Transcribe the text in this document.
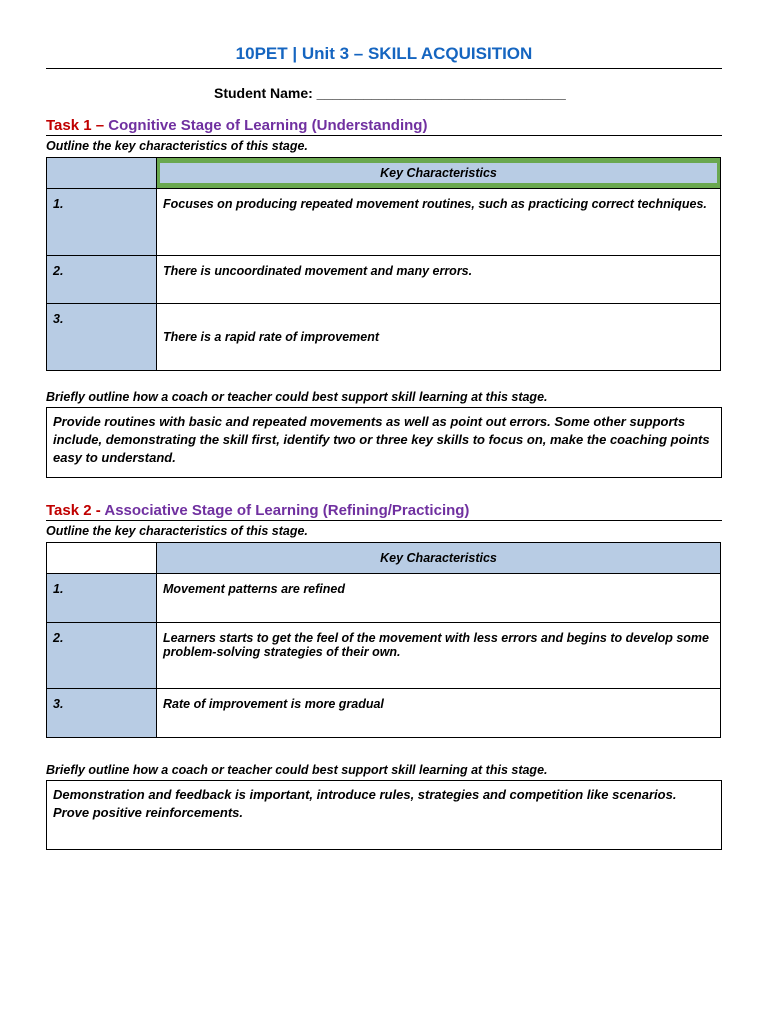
10PET | Unit 3 – SKILL ACQUISITION
Student Name: ________________________________
Task 1 – Cognitive Stage of Learning (Understanding)
Outline the key characteristics of this stage.

	Key Characteristics

1.	Focuses on producing repeated movement routines, such as practicing correct techniques.
2.	There is uncoordinated movement and many errors.
3.	There is a rapid rate of improvement
Briefly outline how a coach or teacher could best support skill learning at this stage.
Provide routines with basic and repeated movements as well as point out errors. Some other supports include, demonstrating the skill first, identify two or three key skills to focus on, make the coaching points easy to understand.
Task 2 - Associative Stage of Learning (Refining/Practicing)
Outline the key characteristics of this stage.
	Key Characteristics
1.	Movement patterns are refined
2.	Learners starts to get the feel of the movement with less errors and begins to develop some problem-solving strategies of their own.
3.	Rate of improvement is more gradual
Briefly outline how a coach or teacher could best support skill learning at this stage.
Demonstration and feedback is important, introduce rules, strategies and competition like scenarios. Prove positive reinforcements.
